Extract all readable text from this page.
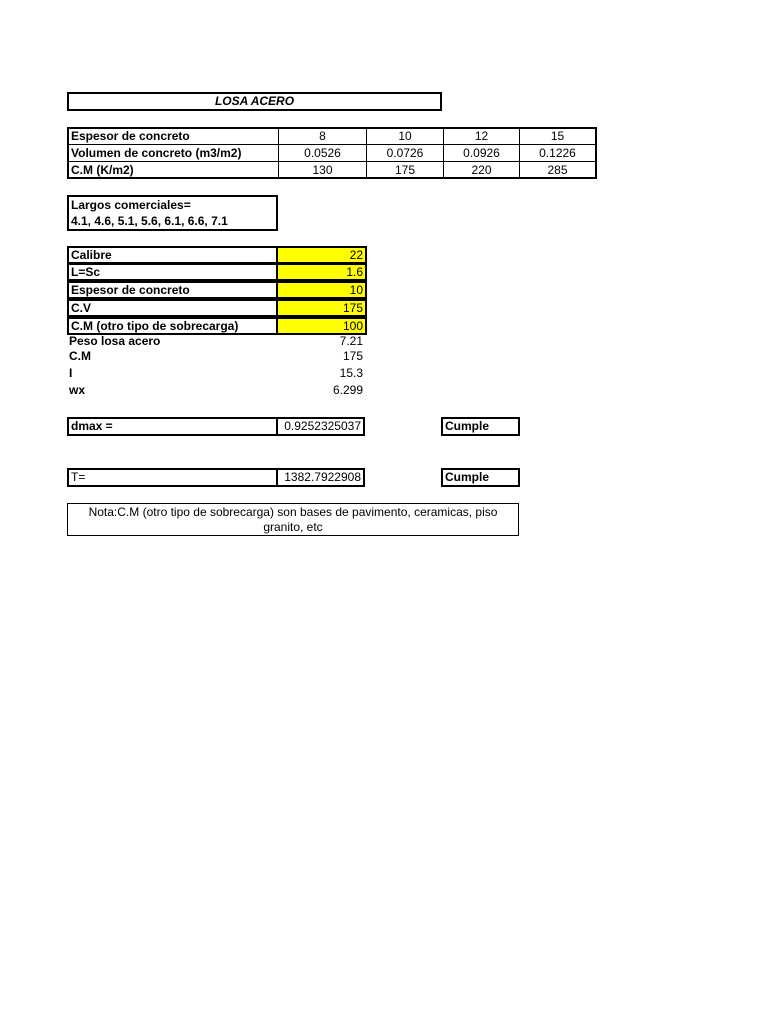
LOSA ACERO
Espesor de concreto	8	10	12	15
Volumen de concreto (m3/m2)	0.0526	0.0726	0.0926	0.1226
C.M (K/m2)	130	175	220	285
Largos comerciales=
4.1, 4.6, 5.1, 5.6, 6.1, 6.6, 7.1
Calibre	22
L=Sc	1.6
Espesor de concreto	10
C.V	175
C.M (otro tipo de sobrecarga)	100
Peso losa acero	7.21
C.M	175
I	15.3
wx	6.299
dmax =	0.9252325037	Cumple
T=	1382.7922908	Cumple
Nota:C.M (otro tipo de sobrecarga) son bases de pavimento, ceramicas, piso granito, etc
